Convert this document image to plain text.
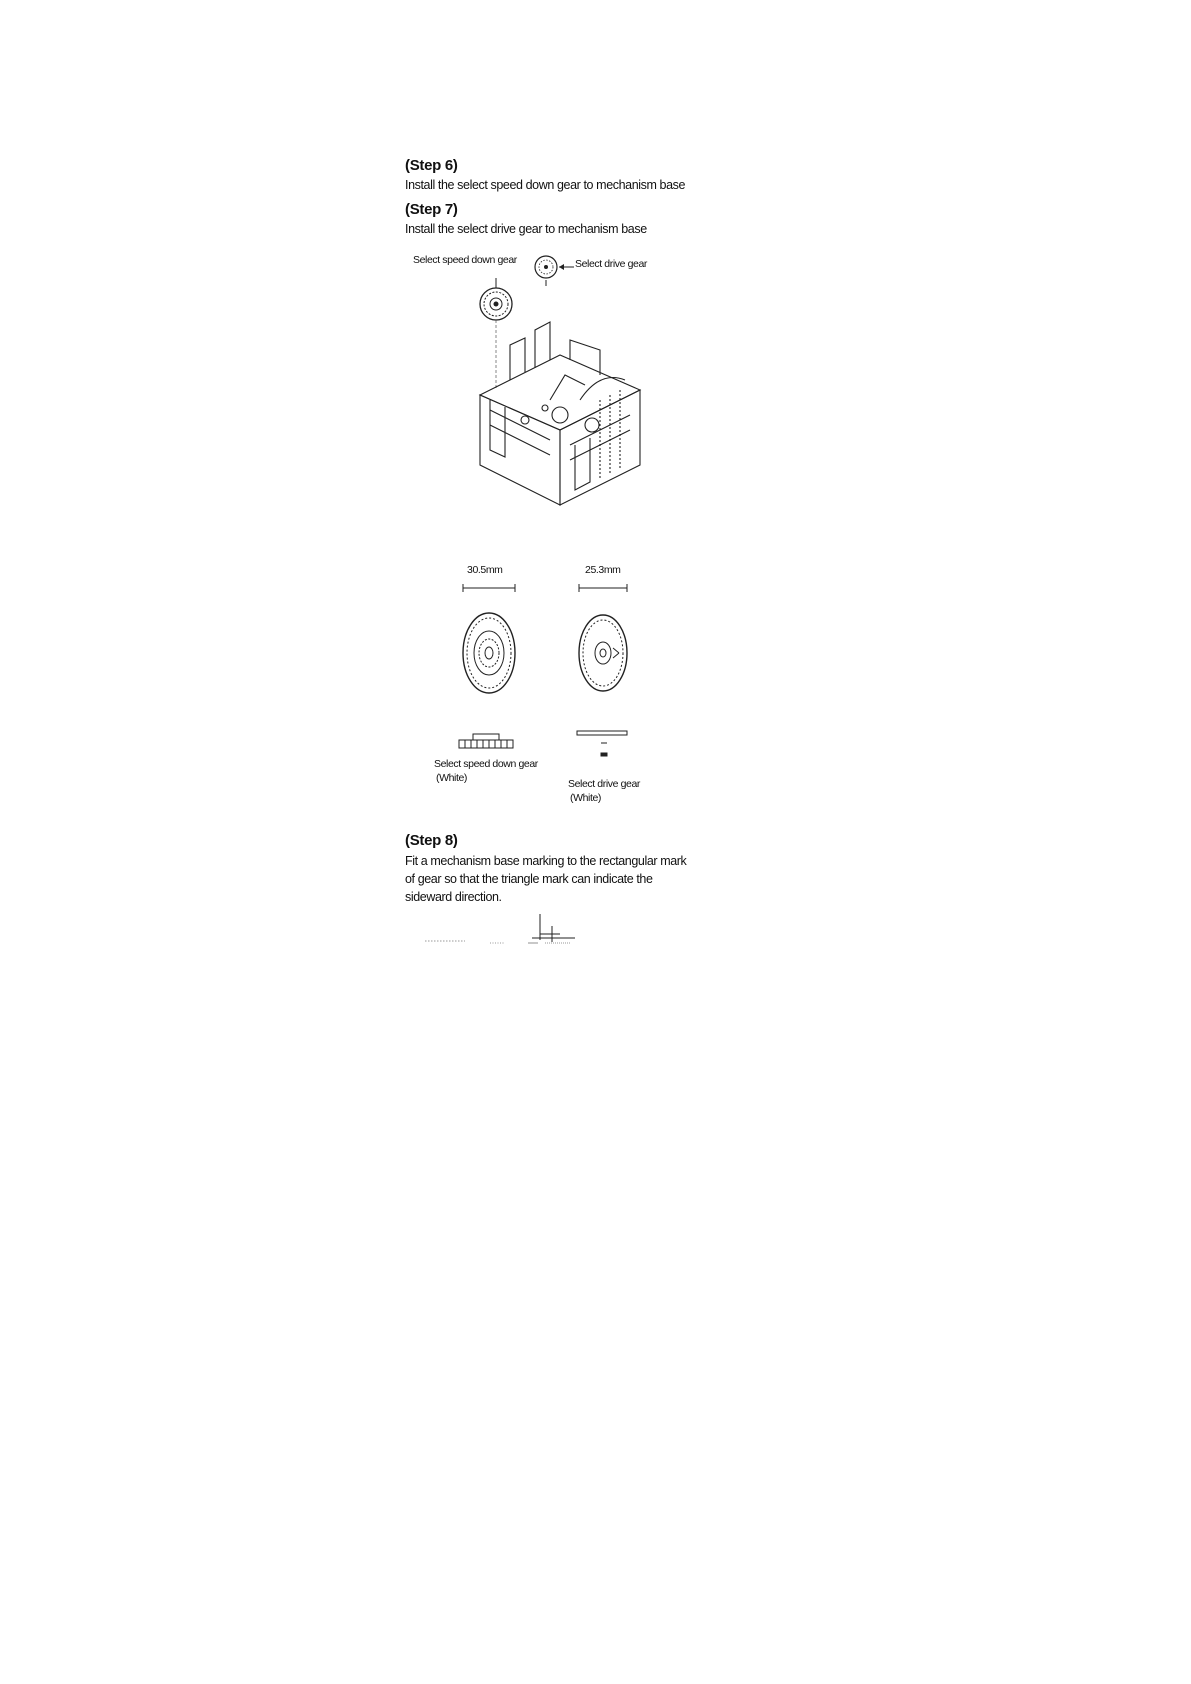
(Step 6)
Install the select speed down gear to mechanism base
(Step 7)
Install the select drive gear to mechanism base
Select speed down gear	Select drive gear
30.5mm	25.3mm
Select speed down gear
(White)	Select drive gear
(White)
(Step 8)
Fit a mechanism base marking to the rectangular mark
of gear so that the triangle mark can indicate the
sideward direction.
